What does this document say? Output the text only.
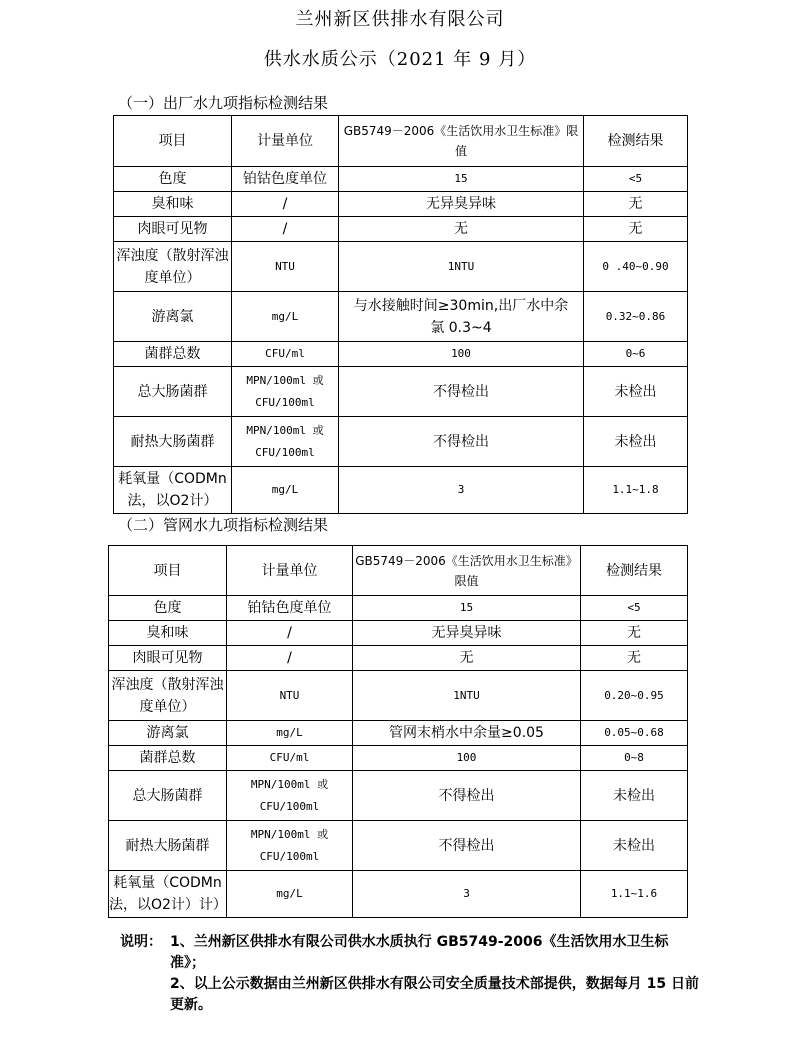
兰州新区供排水有限公司
供水水质公示（2021 年 9 月）
（一）出厂水九项指标检测结果
项目	计量单位	GB5749－2006《生活饮用水卫生标准》限值	检测结果
色度	铂钴色度单位	15	<5
臭和味	/	无异臭异味	无
肉眼可见物	/	无	无
浑浊度（散射浑浊度单位）	NTU	1NTU	0 .40~0.90
游离氯	mg/L	与水接触时间≥30min,出厂水中余氯 0.3~4	0.32~0.86
菌群总数	CFU/ml	100	0~6
总大肠菌群	MPN/100ml 或 CFU/100ml	不得检出	未检出
耐热大肠菌群	MPN/100ml 或 CFU/100ml	不得检出	未检出
耗氧量（CODMn法，以O2计）	mg/L	3	1.1~1.8
（二）管网水九项指标检测结果
项目	计量单位	GB5749－2006《生活饮用水卫生标准》限值	检测结果
色度	铂钴色度单位	15	<5
臭和味	/	无异臭异味	无
肉眼可见物	/	无	无
浑浊度（散射浑浊度单位）	NTU	1NTU	0.20~0.95
游离氯	mg/L	管网末梢水中余量≥0.05	0.05~0.68
菌群总数	CFU/ml	100	0~8
总大肠菌群	MPN/100ml 或 CFU/100ml	不得检出	未检出
耐热大肠菌群	MPN/100ml 或 CFU/100ml	不得检出	未检出
耗氧量（CODMn法，以O2计）计）	mg/L	3	1.1~1.6
说明： 1、兰州新区供排水有限公司供水水质执行 GB5749-2006《生活饮用水卫生标准》；
2、以上公示数据由兰州新区供排水有限公司安全质量技术部提供，数据每月 15 日前更新。
